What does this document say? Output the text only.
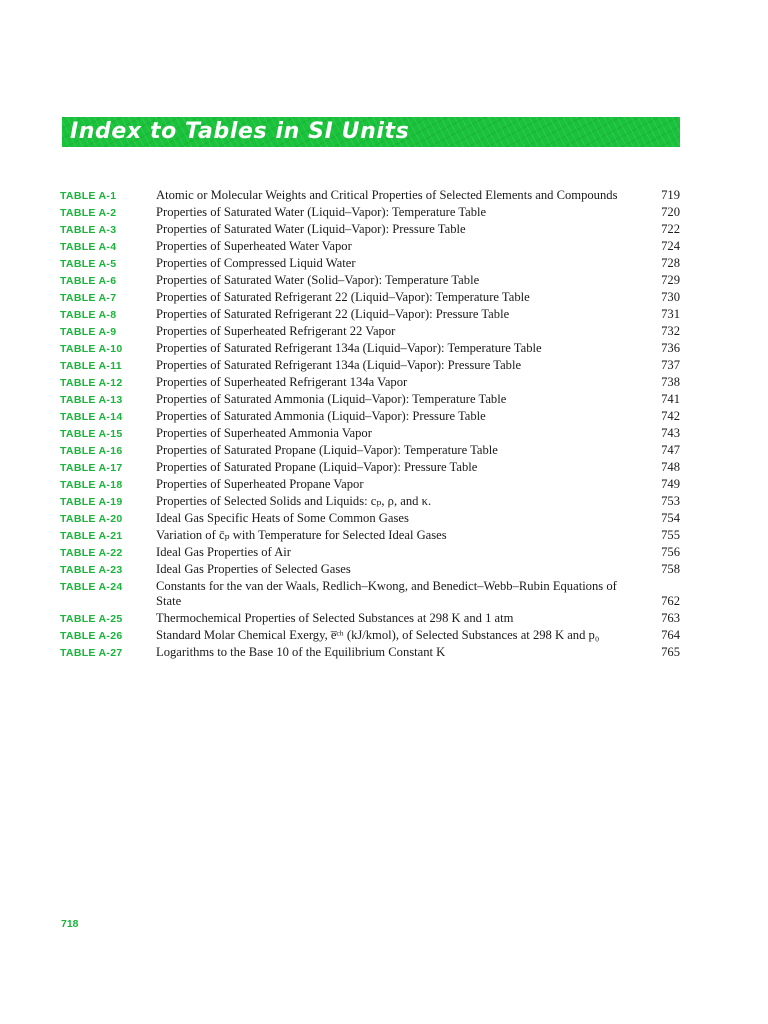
Index to Tables in SI Units
TABLE A-1	Atomic or Molecular Weights and Critical Properties of Selected Elements and Compounds	719
TABLE A-2	Properties of Saturated Water (Liquid–Vapor): Temperature Table	720
TABLE A-3	Properties of Saturated Water (Liquid–Vapor): Pressure Table	722
TABLE A-4	Properties of Superheated Water Vapor	724
TABLE A-5	Properties of Compressed Liquid Water	728
TABLE A-6	Properties of Saturated Water (Solid–Vapor): Temperature Table	729
TABLE A-7	Properties of Saturated Refrigerant 22 (Liquid–Vapor): Temperature Table	730
TABLE A-8	Properties of Saturated Refrigerant 22 (Liquid–Vapor): Pressure Table	731
TABLE A-9	Properties of Superheated Refrigerant 22 Vapor	732
TABLE A-10	Properties of Saturated Refrigerant 134a (Liquid–Vapor): Temperature Table	736
TABLE A-11	Properties of Saturated Refrigerant 134a (Liquid–Vapor): Pressure Table	737
TABLE A-12	Properties of Superheated Refrigerant 134a Vapor	738
TABLE A-13	Properties of Saturated Ammonia (Liquid–Vapor): Temperature Table	741
TABLE A-14	Properties of Saturated Ammonia (Liquid–Vapor): Pressure Table	742
TABLE A-15	Properties of Superheated Ammonia Vapor	743
TABLE A-16	Properties of Saturated Propane (Liquid–Vapor): Temperature Table	747
TABLE A-17	Properties of Saturated Propane (Liquid–Vapor): Pressure Table	748
TABLE A-18	Properties of Superheated Propane Vapor	749
TABLE A-19	Properties of Selected Solids and Liquids: cₚ, ρ, and κ.	753
TABLE A-20	Ideal Gas Specific Heats of Some Common Gases	754
TABLE A-21	Variation of c̄ₚ with Temperature for Selected Ideal Gases	755
TABLE A-22	Ideal Gas Properties of Air	756
TABLE A-23	Ideal Gas Properties of Selected Gases	758
TABLE A-24	Constants for the van der Waals, Redlich–Kwong, and Benedict–Webb–Rubin Equations of State	762
TABLE A-25	Thermochemical Properties of Selected Substances at 298 K and 1 atm	763
TABLE A-26	Standard Molar Chemical Exergy, e̅ᶜʰ (kJ/kmol), of Selected Substances at 298 K and p₀	764
TABLE A-27	Logarithms to the Base 10 of the Equilibrium Constant K	765
718
